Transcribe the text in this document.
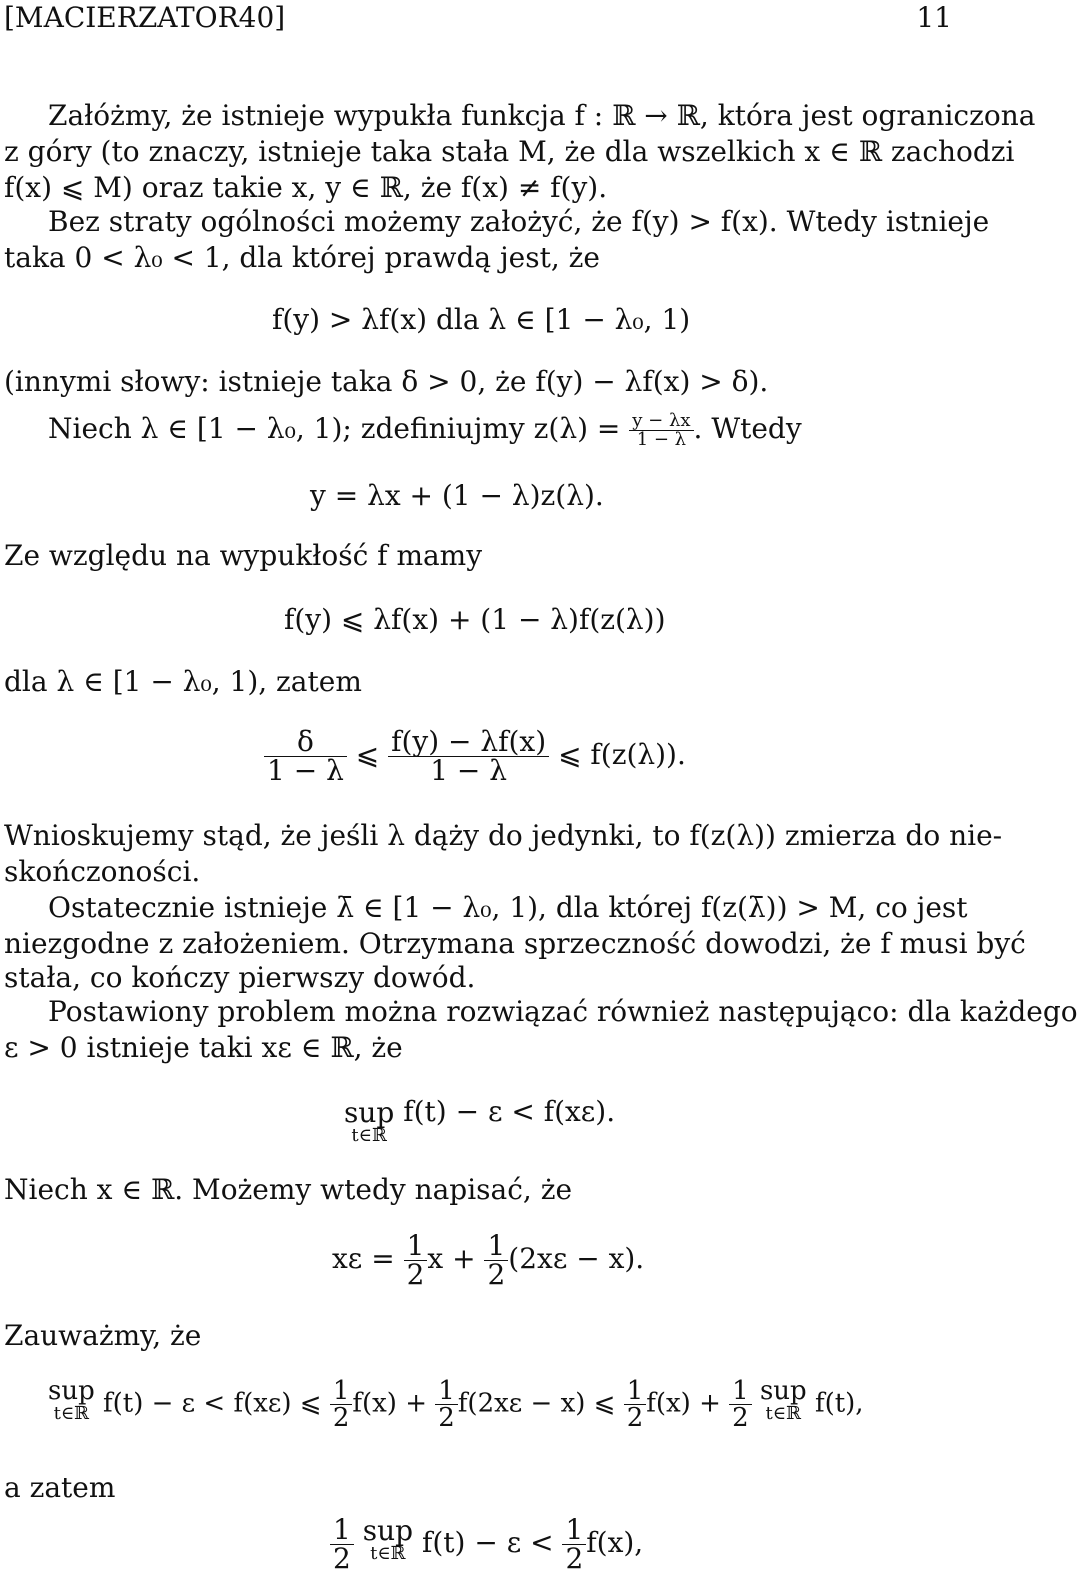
[MACIERZATOR40]	11
Załóżmy, że istnieje wypukła funkcja f : ℝ → ℝ, która jest ograniczona
z góry (to znaczy, istnieje taka stała M, że dla wszelkich x ∈ ℝ zachodzi
f(x) ⩽ M) oraz takie x, y ∈ ℝ, że f(x) ≠ f(y).
Bez straty ogólności możemy założyć, że f(y) > f(x). Wtedy istnieje
taka 0 < λ₀ < 1, dla której prawdą jest, że
f(y) > λf(x) dla λ ∈ [1 − λ₀, 1)
(innymi słowy: istnieje taka δ > 0, że f(y) − λf(x) > δ).
Niech λ ∈ [1 − λ₀, 1); zdefiniujmy $z(\lambda) = \frac{y - \lambda x}{1 - \lambda}$ . Wtedy
y = λx + (1 − λ)z(λ).
Ze względu na wypukłość f mamy
f(y) ⩽ λf(x) + (1 − λ)f(z(λ))
dla λ ∈ [1 − λ₀, 1), zatem
$\frac{\delta}{1 - \lambda}$ ⩽ $\frac{f(y) - \lambda f(x)}{1 - \lambda}$ ⩽ f(z(λ)).
Wnioskujemy stąd, że jeśli λ dąży do jedynki, to f(z(λ)) zmierza do nie-
skończoności.
Ostatecznie istnieje λ̄ ∈ [1 − λ₀, 1), dla której f(z(λ̄)) > M, co jest
niezgodne z założeniem. Otrzymana sprzeczność dowodzi, że f musi być
stała, co kończy pierwszy dowód.
Postawiony problem można rozwiązać również następująco: dla każdego
ε > 0 istnieje taki xε ∈ ℝ, że
sup
t∈ℝ
f(t) − ε < f(xε).
Niech x ∈ ℝ. Możemy wtedy napisać, że
$x\varepsilon = \frac{1}{2}$ $x + \frac{1}{2} (2x\varepsilon - x)$.
Zauważmy, że
sup
t∈ℝ f(t) − ε < f(xε) ⩽ $\frac{1}{2} f(x) + \frac{1}{2} f(2x\varepsilon - x)$ ⩽ $\frac{1}{2} f(x) + \frac{1}{2}$ sup
t∈ℝ f(t),
a zatem
$\frac{1}{2}$ sup
t∈ℝ $f(t) - \varepsilon < \frac{1}{2} f(x)$,
